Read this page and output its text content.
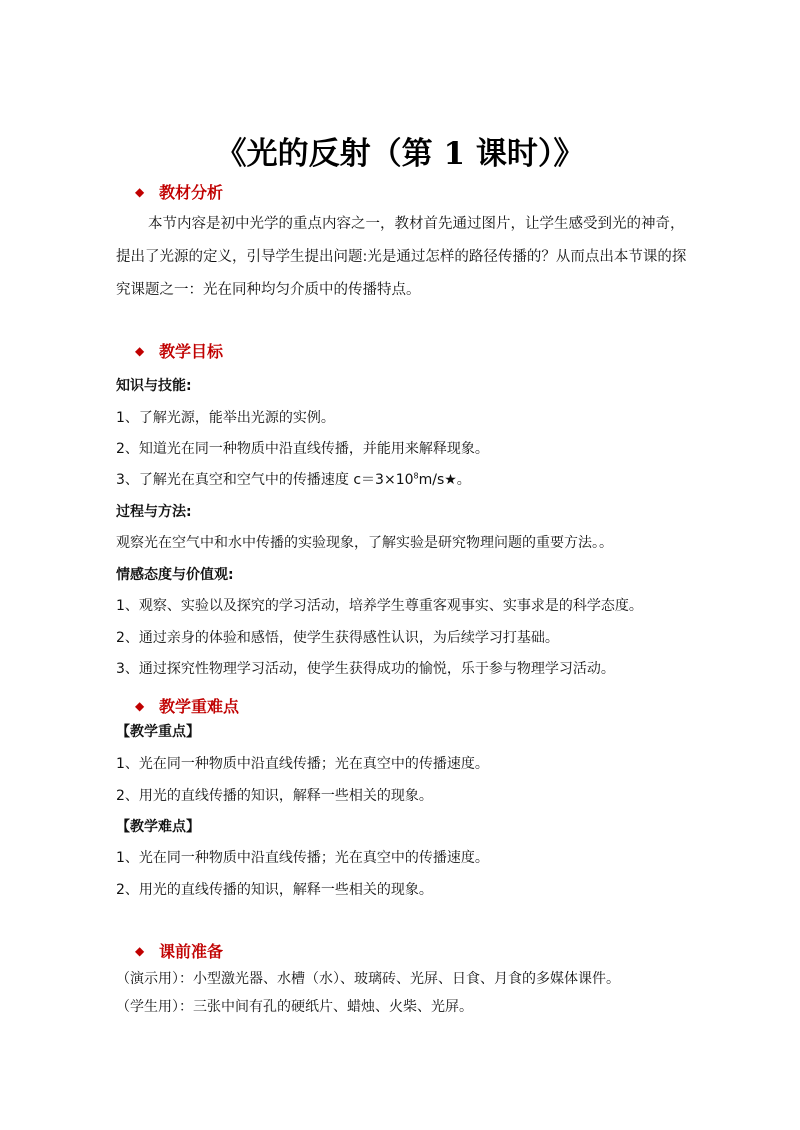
《光的反射（第 1 课时）》
◆ 教材分析
本节内容是初中光学的重点内容之一，教材首先通过图片，让学生感受到光的神奇，提出了光源的定义，引导学生提出问题:光是通过怎样的路径传播的？从而点出本节课的探究课题之一：光在同种均匀介质中的传播特点。
◆ 教学目标
知识与技能:
1、了解光源，能举出光源的实例。
2、知道光在同一种物质中沿直线传播，并能用来解释现象。
3、了解光在真空和空气中的传播速度 $c=3\times 10^8m/s★$。
过程与方法:
观察光在空气中和水中传播的实验现象，了解实验是研究物理问题的重要方法。。
情感态度与价值观:
1、观察、实验以及探究的学习活动，培养学生尊重客观事实、实事求是的科学态度。
2、通过亲身的体验和感悟，使学生获得感性认识，为后续学习打基础。
3、通过探究性物理学习活动，使学生获得成功的愉悦，乐于参与物理学习活动。
◆ 教学重难点
【教学重点】
1、光在同一种物质中沿直线传播；光在真空中的传播速度。
2、用光的直线传播的知识，解释一些相关的现象。
【教学难点】
1、光在同一种物质中沿直线传播；光在真空中的传播速度。
2、用光的直线传播的知识，解释一些相关的现象。
◆ 课前准备
（演示用）：小型激光器、水槽（水）、玻璃砖、光屏、日食、月食的多媒体课件。
（学生用）：三张中间有孔的硬纸片、蜡烛、火柴、光屏。
